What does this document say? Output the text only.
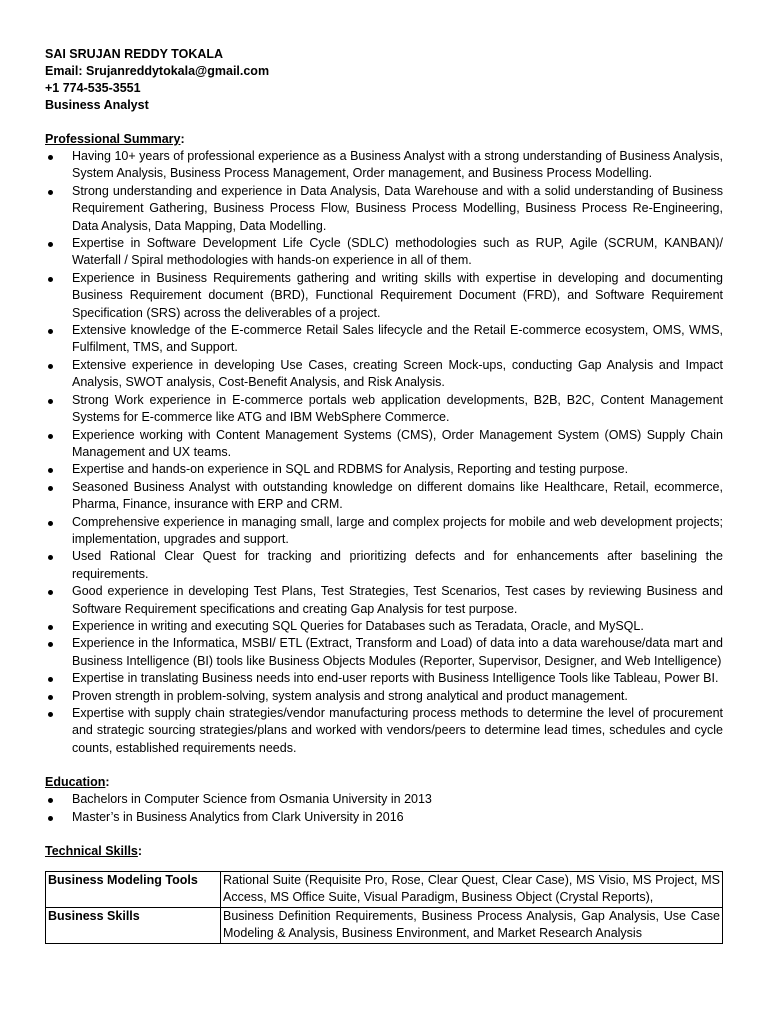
SAI SRUJAN REDDY TOKALA
Email: Srujanreddytokala@gmail.com
+1 774-535-3551
Business Analyst
Professional Summary:
Having 10+ years of professional experience as a Business Analyst with a strong understanding of Business Analysis, System Analysis, Business Process Management, Order management, and Business Process Modelling.
Strong understanding and experience in Data Analysis, Data Warehouse and with a solid understanding of Business Requirement Gathering, Business Process Flow, Business Process Modelling, Business Process Re-Engineering, Data Analysis, Data Mapping, Data Modelling.
Expertise in Software Development Life Cycle (SDLC) methodologies such as RUP, Agile (SCRUM, KANBAN)/ Waterfall / Spiral methodologies with hands-on experience in all of them.
Experience in Business Requirements gathering and writing skills with expertise in developing and documenting Business Requirement document (BRD), Functional Requirement Document (FRD), and Software Requirement Specification (SRS) across the deliverables of a project.
Extensive knowledge of the E-commerce Retail Sales lifecycle and the Retail E-commerce ecosystem, OMS, WMS, Fulfilment, TMS, and Support.
Extensive experience in developing Use Cases, creating Screen Mock-ups, conducting Gap Analysis and Impact Analysis, SWOT analysis, Cost-Benefit Analysis, and Risk Analysis.
Strong Work experience in E-commerce portals web application developments, B2B, B2C, Content Management Systems for E-commerce like ATG and IBM WebSphere Commerce.
Experience working with Content Management Systems (CMS), Order Management System (OMS) Supply Chain Management and UX teams.
Expertise and hands-on experience in SQL and RDBMS for Analysis, Reporting and testing purpose.
Seasoned Business Analyst with outstanding knowledge on different domains like Healthcare, Retail, ecommerce, Pharma, Finance, insurance with ERP and CRM.
Comprehensive experience in managing small, large and complex projects for mobile and web development projects; implementation, upgrades and support.
Used Rational Clear Quest for tracking and prioritizing defects and for enhancements after baselining the requirements.
Good experience in developing Test Plans, Test Strategies, Test Scenarios, Test cases by reviewing Business and Software Requirement specifications and creating Gap Analysis for test purpose.
Experience in writing and executing SQL Queries for Databases such as Teradata, Oracle, and MySQL.
Experience in the Informatica, MSBI/ ETL (Extract, Transform and Load) of data into a data warehouse/data mart and Business Intelligence (BI) tools like Business Objects Modules (Reporter, Supervisor, Designer, and Web Intelligence)
Expertise in translating Business needs into end-user reports with Business Intelligence Tools like Tableau, Power BI.
Proven strength in problem-solving, system analysis and strong analytical and product management.
Expertise with supply chain strategies/vendor manufacturing process methods to determine the level of procurement and strategic sourcing strategies/plans and worked with vendors/peers to determine lead times, schedules and cycle counts, established requirements needs.
Education:
Bachelors in Computer Science from Osmania University in 2013
Master’s in Business Analytics from Clark University in 2016
Technical Skills:
Business Modeling Tools	Rational Suite (Requisite Pro, Rose, Clear Quest, Clear Case), MS Visio, MS Project, MS Access, MS Office Suite, Visual Paradigm, Business Object (Crystal Reports),
Business Skills	Business Definition Requirements, Business Process Analysis, Gap Analysis, Use Case Modeling & Analysis, Business Environment, and Market Research Analysis
